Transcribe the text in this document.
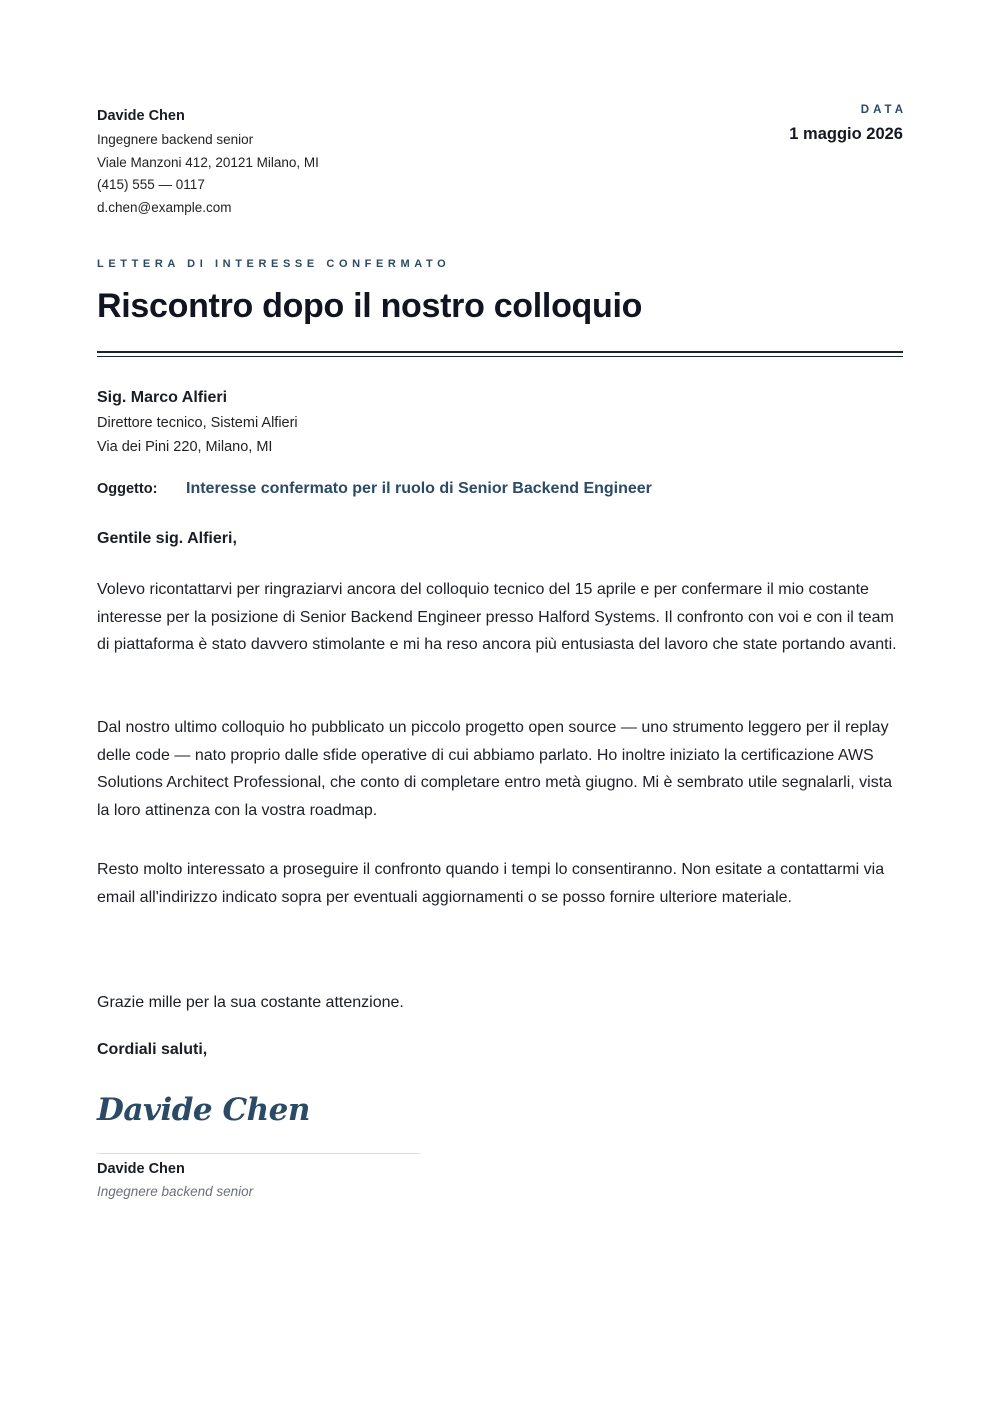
Davide Chen
Ingegnere backend senior
Viale Manzoni 412, 20121 Milano, MI
(415) 555 — 0117
d.chen@example.com
DATA
1 maggio 2026
LETTERA DI INTERESSE CONFERMATO
Riscontro dopo il nostro colloquio
Sig. Marco Alfieri
Direttore tecnico, Sistemi Alfieri
Via dei Pini 220, Milano, MI
Oggetto: Interesse confermato per il ruolo di Senior Backend Engineer
Gentile sig. Alfieri,

Volevo ricontattarvi per ringraziarvi ancora del colloquio tecnico del 15 aprile e per confermare il mio costante interesse per la posizione di Senior Backend Engineer presso Halford Systems. Il confronto con voi e con il team di piattaforma è stato davvero stimolante e mi ha reso ancora più entusiasta del lavoro che state portando avanti.

Dal nostro ultimo colloquio ho pubblicato un piccolo progetto open source — uno strumento leggero per il replay delle code — nato proprio dalle sfide operative di cui abbiamo parlato. Ho inoltre iniziato la certificazione AWS Solutions Architect Professional, che conto di completare entro metà giugno. Mi è sembrato utile segnalarli, vista la loro attinenza con la vostra roadmap.

Resto molto interessato a proseguire il confronto quando i tempi lo consentiranno. Non esitate a contattarmi via email all'indirizzo indicato sopra per eventuali aggiornamenti o se posso fornire ulteriore materiale.

Grazie mille per la sua costante attenzione.
Cordiali saluti,
Davide Chen
Davide Chen
Ingegnere backend senior
